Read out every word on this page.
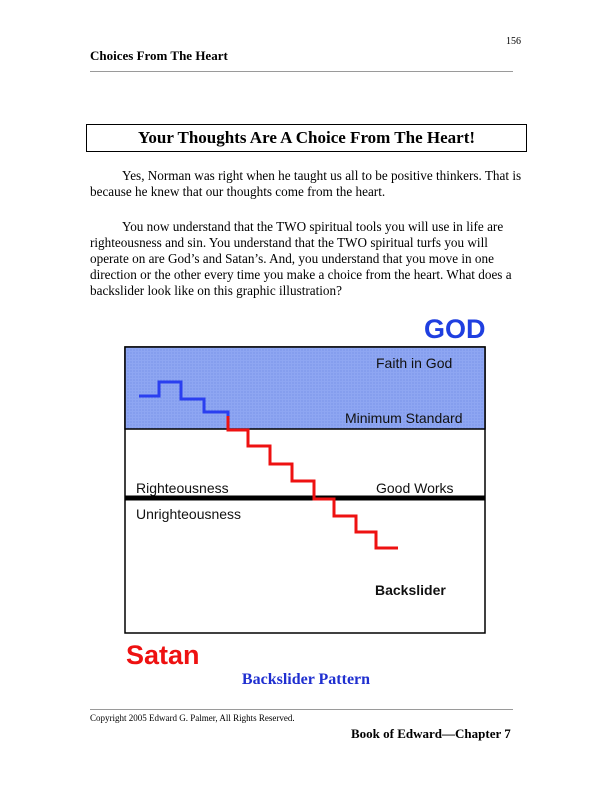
156
Choices From The Heart
Your Thoughts Are A Choice From The Heart!

Yes, Norman was right when he taught us all to be positive thinkers. That is because he knew that our thoughts come from the heart.

You now understand that the TWO spiritual tools you will use in life are righteousness and sin. You understand that the TWO spiritual turfs you will operate on are God’s and Satan’s. And, you understand that you move in one direction or the other every time you make a choice from the heart. What does a backslider look like on this graphic illustration?

GOD
Faith in God
Minimum Standard
Righteousness	Good Works
Unrighteousness
Backslider
Satan
Backslider Pattern
Copyright 2005 Edward G. Palmer, All Rights Reserved.
Book of Edward—Chapter 7
